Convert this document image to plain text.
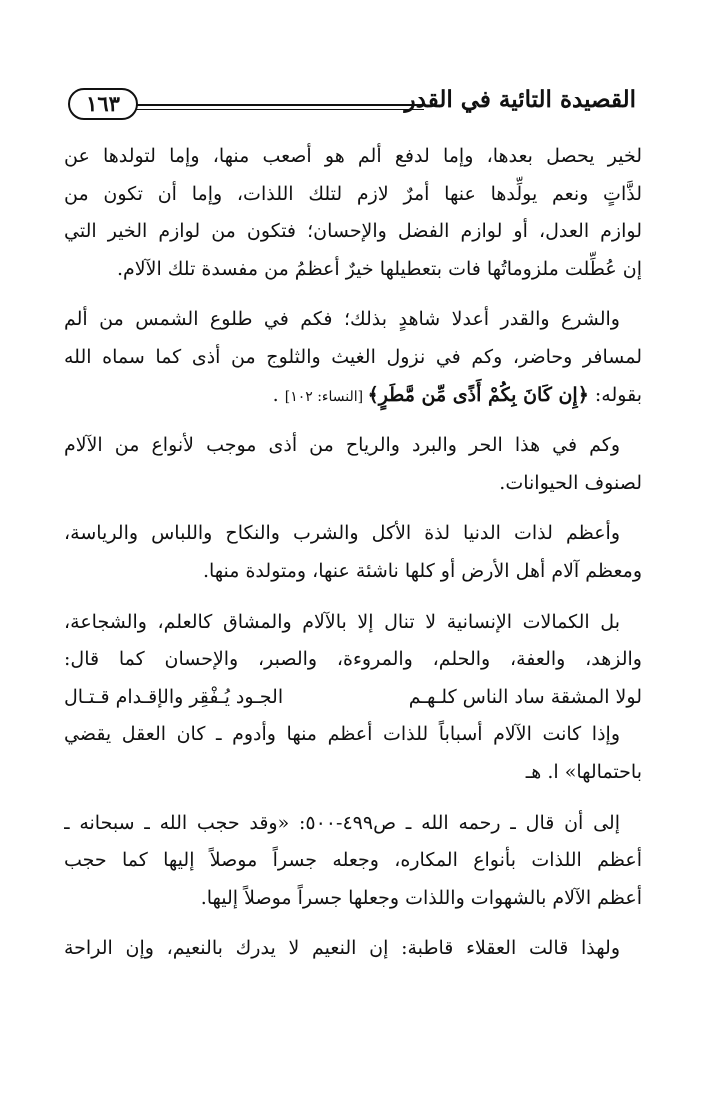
القصيدة التائية في القدر
١٦٣
لخير يحصل بعدها، وإما لدفع ألم هو أصعب منها، وإما لتولدها عن
لذَّاتٍ ونعم يولِّدها عنها أمرٌ لازم لتلك اللذات، وإما أن تكون من
لوازم العدل، أو لوازم الفضل والإحسان؛ فتكون من لوازم الخير التي
إن عُطِّلت ملزوماتُها فات بتعطيلها خيرٌ أعظمُ من مفسدة تلك الآلام.
والشرع والقدر أعدلا شاهدٍ بذلك؛ فكم في طلوع الشمس من ألم
لمسافر وحاضر، وكم في نزول الغيث والثلوج من أذى كما سماه الله
بقوله: ﴿إِن كَانَ بِكُمْ أَذًى مِّن مَّطَرٍ﴾ [النساء: ١٠٢] .
وكم في هذا الحر والبرد والرياح من أذى موجب لأنواع من الآلام
لصنوف الحيوانات.
وأعظم لذات الدنيا لذة الأكل والشرب والنكاح واللباس والرياسة،
ومعظم آلام أهل الأرض أو كلها ناشئة عنها، ومتولدة منها.
بل الكمالات الإنسانية لا تنال إلا بالآلام والمشاق كالعلم، والشجاعة،
والزهد، والعفة، والحلم، والمروءة، والصبر، والإحسان كما قال:
لولا المشقة ساد الناس كلـهـم
الجـود يُـفْقِر والإقـدام قـتـال
وإذا كانت الآلام أسباباً للذات أعظم منها وأدوم ـ كان العقل يقضي
باحتمالها» ا. هـ
إلى أن قال ـ رحمه الله ـ ص٤٩٩-٥٠٠: «وقد حجب الله ـ سبحانه ـ
أعظم اللذات بأنواع المكاره، وجعله جسراً موصلاً إليها كما حجب
أعظم الآلام بالشهوات واللذات وجعلها جسراً موصلاً إليها.
ولهذا قالت العقلاء قاطبة: إن النعيم لا يدرك بالنعيم، وإن الراحة
